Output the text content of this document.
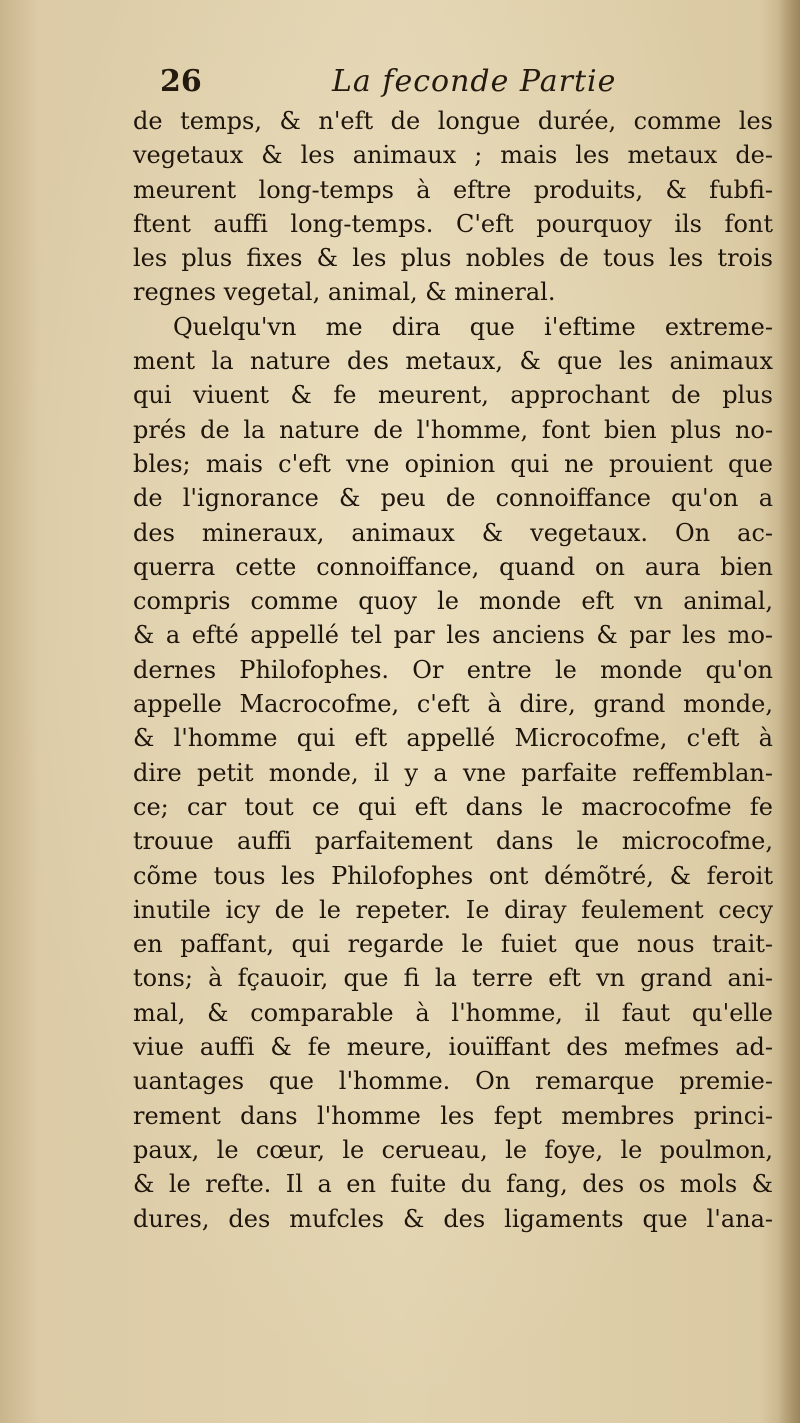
26	La feconde Partie
de temps, & n'eft de longue durée, comme les
vegetaux & les animaux ; mais les metaux de-
meurent long-temps à eftre produits, & fubfi-
ftent auffi long-temps. C'eft pourquoy ils font
les plus fixes & les plus nobles de tous les trois
regnes vegetal, animal, & mineral.
Quelqu'vn me dira que i'eftime extreme-
ment la nature des metaux, & que les animaux
qui viuent & fe meurent, approchant de plus
prés de la nature de l'homme, font bien plus no-
bles; mais c'eft vne opinion qui ne prouient que
de l'ignorance & peu de connoiffance qu'on a
des mineraux, animaux & vegetaux. On ac-
querra cette connoiffance, quand on aura bien
compris comme quoy le monde eft vn animal,
& a efté appellé tel par les anciens & par les mo-
dernes Philofophes. Or entre le monde qu'on
appelle Macrocofme, c'eft à dire, grand monde,
& l'homme qui eft appellé Microcofme, c'eft à
dire petit monde, il y a vne parfaite reffemblan-
ce; car tout ce qui eft dans le macrocofme fe
trouue auffi parfaitement dans le microcofme,
cõme tous les Philofophes ont démõtré, & feroit
inutile icy de le repeter. Ie diray feulement cecy
en paffant, qui regarde le fuiet que nous trait-
tons; à fçauoir, que fi la terre eft vn grand ani-
mal, & comparable à l'homme, il faut qu'elle
viue auffi & fe meure, iouïffant des mefmes ad-
uantages que l'homme. On remarque premie-
rement dans l'homme les fept membres princi-
paux, le cœur, le cerueau, le foye, le poulmon,
& le refte. Il a en fuite du fang, des os mols &
dures, des mufcles & des ligaments que l'ana-
